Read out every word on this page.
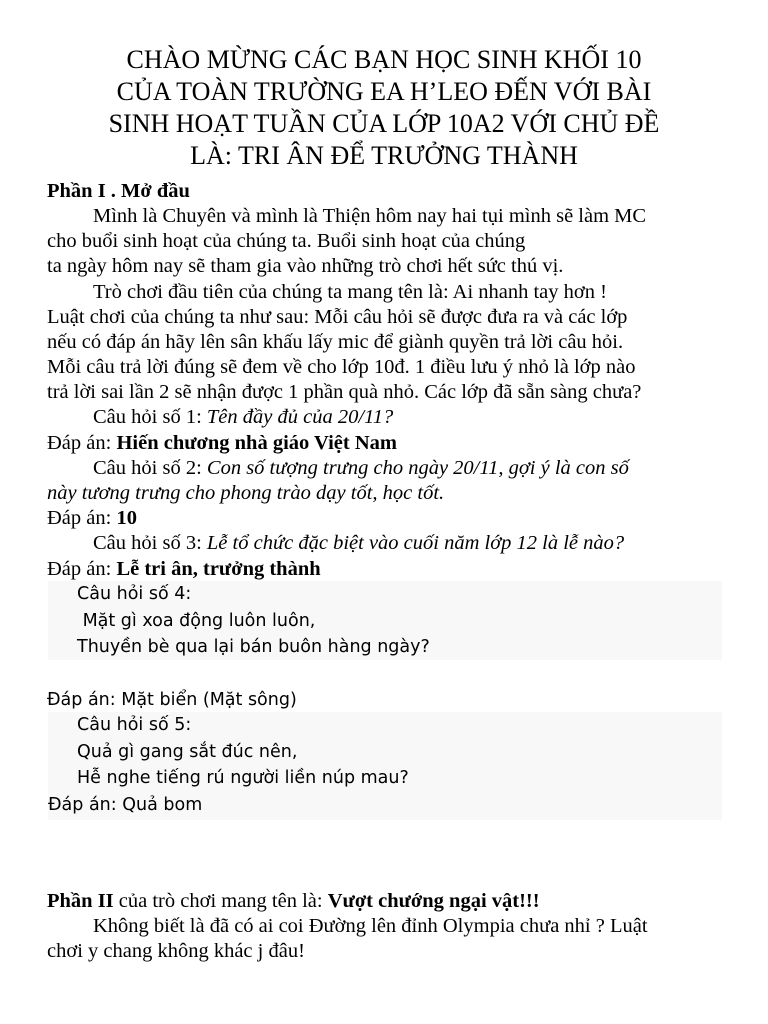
CHÀO MỪNG CÁC BẠN HỌC SINH KHỐI 10
CỦA TOÀN TRƯỜNG EA H’LEO ĐẾN VỚI BÀI
SINH HOẠT TUẦN CỦA LỚP 10A2 VỚI CHỦ ĐỀ
LÀ: TRI ÂN ĐỂ TRƯỞNG THÀNH
Phần I . Mở đầu
Mình là Chuyên và mình là Thiện hôm nay hai tụi mình sẽ làm MC
cho buổi sinh hoạt của chúng ta. Buổi sinh hoạt của chúng
ta ngày hôm nay sẽ tham gia vào những trò chơi hết sức thú vị.
Trò chơi đầu tiên của chúng ta mang tên là: Ai nhanh tay hơn !
Luật chơi của chúng ta như sau: Mỗi câu hỏi sẽ được đưa ra và các lớp
nếu có đáp án hãy lên sân khấu lấy mic để giành quyền trả lời câu hỏi.
Mỗi câu trả lời đúng sẽ đem về cho lớp 10đ. 1 điều lưu ý nhỏ là lớp nào
trả lời sai lần 2 sẽ nhận được 1 phần quà nhỏ. Các lớp đã sẵn sàng chưa?
Câu hỏi số 1: Tên đầy đủ của 20/11?
Đáp án: Hiến chương nhà giáo Việt Nam
Câu hỏi số 2: Con số tượng trưng cho ngày 20/11, gợi ý là con số
này tương trưng cho phong trào dạy tốt, học tốt.
Đáp án: 10
Câu hỏi số 3: Lễ tổ chức đặc biệt vào cuối năm lớp 12 là lễ nào?
Đáp án: Lễ tri ân, trưởng thành
Câu hỏi số 4:
Mặt gì xoa động luôn luôn,
Thuyền bè qua lại bán buôn hàng ngày?
Đáp án: Mặt biển (Mặt sông)
Câu hỏi số 5:
Quả gì gang sắt đúc nên,
Hễ nghe tiếng rú người liền núp mau?
Đáp án: Quả bom
Phần II của trò chơi mang tên là: Vượt chướng ngại vật!!!
Không biết là đã có ai coi Đường lên đỉnh Olympia chưa nhỉ ? Luật
chơi y chang không khác j đâu!
